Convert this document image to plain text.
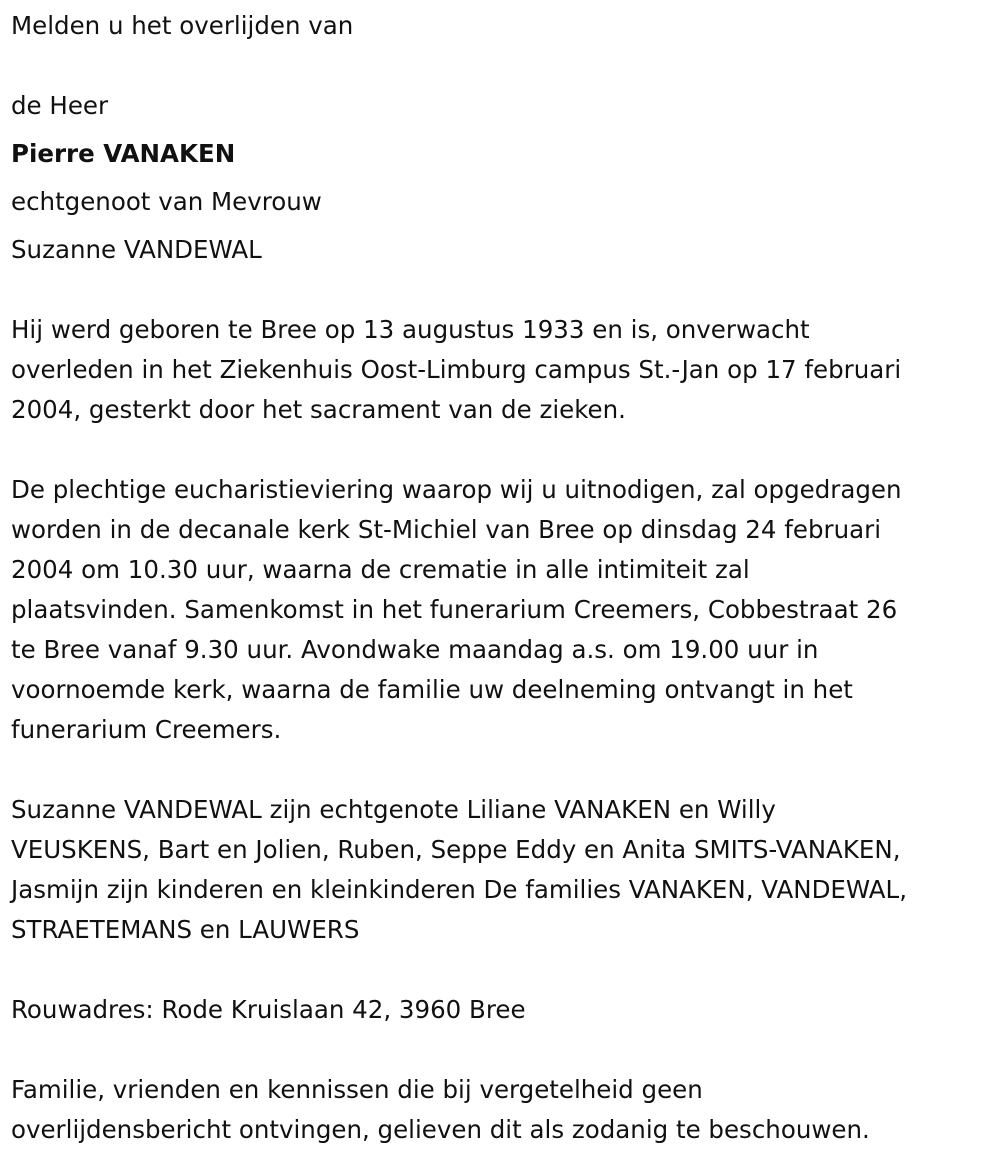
Melden u het overlijden van
de Heer
Pierre VANAKEN
echtgenoot van Mevrouw
Suzanne VANDEWAL
Hij werd geboren te Bree op 13 augustus 1933 en is, onverwacht
overleden in het Ziekenhuis Oost-Limburg campus St.-Jan op 17 februari
2004, gesterkt door het sacrament van de zieken.
De plechtige eucharistieviering waarop wij u uitnodigen, zal opgedragen
worden in de decanale kerk St-Michiel van Bree op dinsdag 24 februari
2004 om 10.30 uur, waarna de crematie in alle intimiteit zal
plaatsvinden. Samenkomst in het funerarium Creemers, Cobbestraat 26
te Bree vanaf 9.30 uur. Avondwake maandag a.s. om 19.00 uur in
voornoemde kerk, waarna de familie uw deelneming ontvangt in het
funerarium Creemers.
Suzanne VANDEWAL zijn echtgenote Liliane VANAKEN en Willy
VEUSKENS, Bart en Jolien, Ruben, Seppe Eddy en Anita SMITS-VANAKEN,
Jasmijn zijn kinderen en kleinkinderen De families VANAKEN, VANDEWAL,
STRAETEMANS en LAUWERS
Rouwadres: Rode Kruislaan 42, 3960 Bree
Familie, vrienden en kennissen die bij vergetelheid geen
overlijdensbericht ontvingen, gelieven dit als zodanig te beschouwen.
